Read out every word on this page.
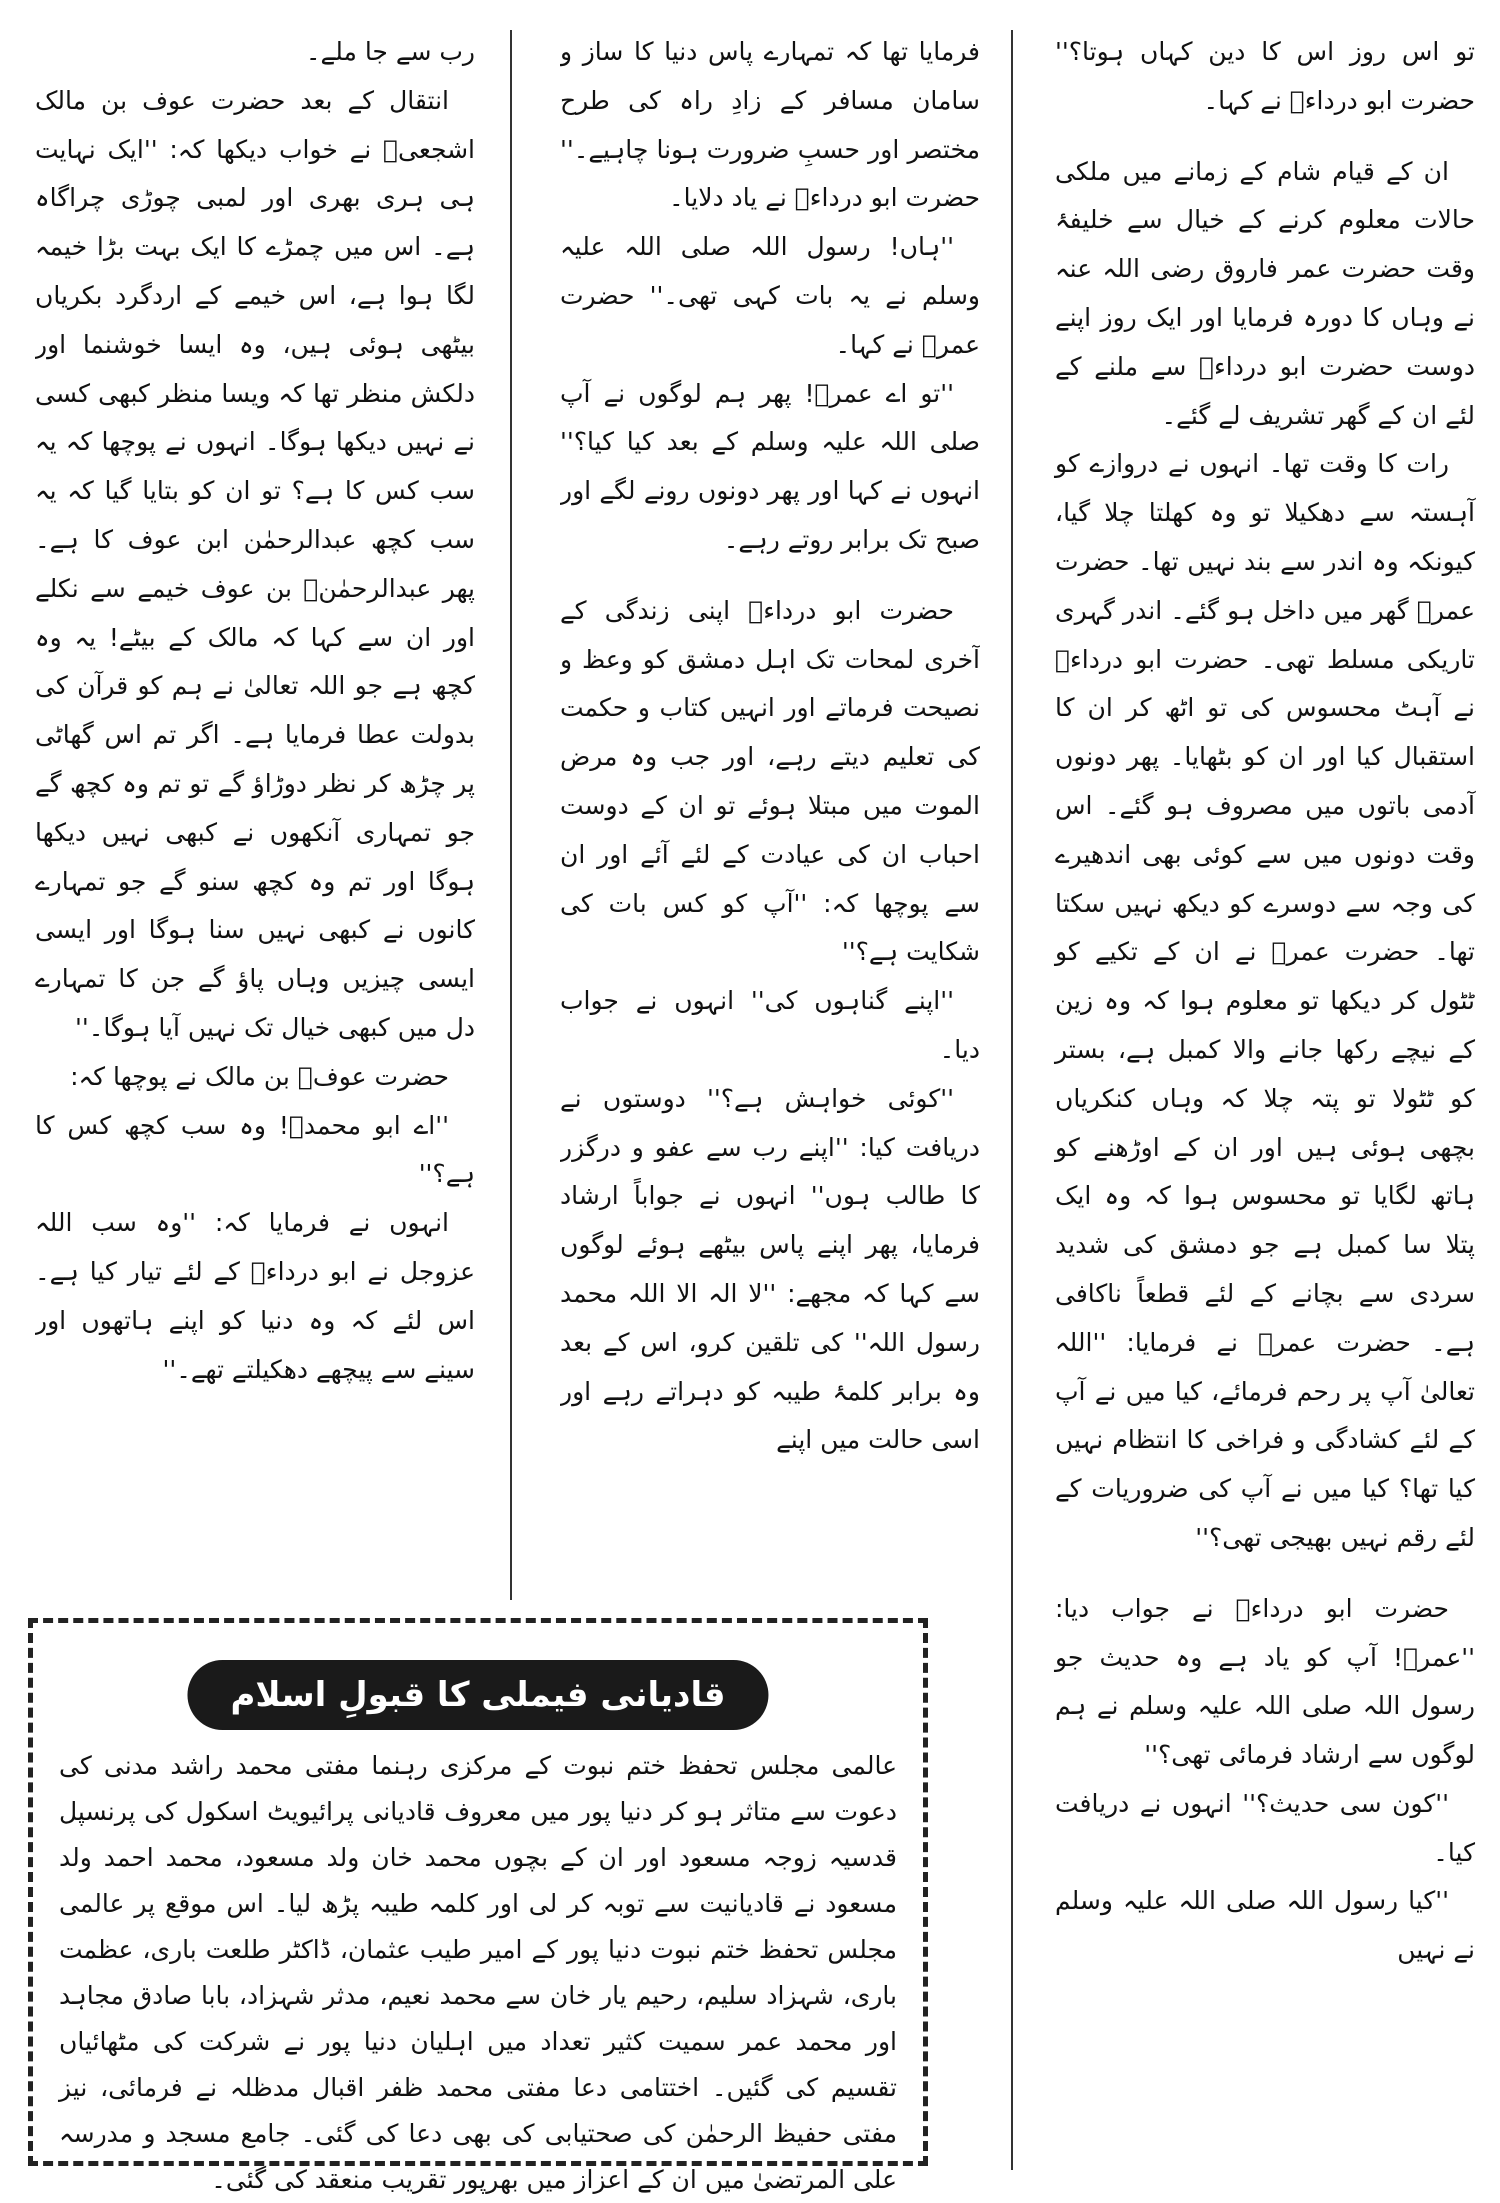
تو اس روز اس کا دین کہاں ہوتا؟'' حضرت ابو درداءؓ نے کہا۔

ان کے قیام شام کے زمانے میں ملکی حالات معلوم کرنے کے خیال سے خلیفۂ وقت حضرت عمر فاروق رضی اللہ عنہ نے وہاں کا دورہ فرمایا اور ایک روز اپنے دوست حضرت ابو درداءؓ سے ملنے کے لئے ان کے گھر تشریف لے گئے۔

رات کا وقت تھا۔ انہوں نے دروازے کو آہستہ سے دھکیلا تو وہ کھلتا چلا گیا، کیونکہ وہ اندر سے بند نہیں تھا۔ حضرت عمرؓ گھر میں داخل ہو گئے۔ اندر گہری تاریکی مسلط تھی۔ حضرت ابو درداءؓ نے آہٹ محسوس کی تو اٹھ کر ان کا استقبال کیا اور ان کو بٹھایا۔ پھر دونوں آدمی باتوں میں مصروف ہو گئے۔ اس وقت دونوں میں سے کوئی بھی اندھیرے کی وجہ سے دوسرے کو دیکھ نہیں سکتا تھا۔ حضرت عمرؓ نے ان کے تکیے کو ٹٹول کر دیکھا تو معلوم ہوا کہ وہ زین کے نیچے رکھا جانے والا کمبل ہے، بستر کو ٹٹولا تو پتہ چلا کہ وہاں کنکریاں بچھی ہوئی ہیں اور ان کے اوڑھنے کو ہاتھ لگایا تو محسوس ہوا کہ وہ ایک پتلا سا کمبل ہے جو دمشق کی شدید سردی سے بچانے کے لئے قطعاً ناکافی ہے۔ حضرت عمرؓ نے فرمایا: ''اللہ تعالیٰ آپ پر رحم فرمائے، کیا میں نے آپ کے لئے کشادگی و فراخی کا انتظام نہیں کیا تھا؟ کیا میں نے آپ کی ضروریات کے لئے رقم نہیں بھیجی تھی؟''

حضرت ابو درداءؓ نے جواب دیا: ''عمرؓ! آپ کو یاد ہے وہ حدیث جو رسول اللہ صلی اللہ علیہ وسلم نے ہم لوگوں سے ارشاد فرمائی تھی؟''

''کون سی حدیث؟'' انہوں نے دریافت کیا۔

''کیا رسول اللہ صلی اللہ علیہ وسلم نے نہیں

فرمایا تھا کہ تمہارے پاس دنیا کا ساز و سامان مسافر کے زادِ راہ کی طرح مختصر اور حسبِ ضرورت ہونا چاہیے۔'' حضرت ابو درداءؓ نے یاد دلایا۔

''ہاں! رسول اللہ صلی اللہ علیہ وسلم نے یہ بات کہی تھی۔'' حضرت عمرؓ نے کہا۔

''تو اے عمرؓ! پھر ہم لوگوں نے آپ صلی اللہ علیہ وسلم کے بعد کیا کیا؟'' انہوں نے کہا اور پھر دونوں رونے لگے اور صبح تک برابر روتے رہے۔

حضرت ابو درداءؓ اپنی زندگی کے آخری لمحات تک اہل دمشق کو وعظ و نصیحت فرماتے اور انہیں کتاب و حکمت کی تعلیم دیتے رہے، اور جب وہ مرض الموت میں مبتلا ہوئے تو ان کے دوست احباب ان کی عیادت کے لئے آئے اور ان سے پوچھا کہ: ''آپ کو کس بات کی شکایت ہے؟''

''اپنے گناہوں کی'' انہوں نے جواب دیا۔

''کوئی خواہش ہے؟'' دوستوں نے دریافت کیا: ''اپنے رب سے عفو و درگزر کا طالب ہوں'' انہوں نے جواباً ارشاد فرمایا، پھر اپنے پاس بیٹھے ہوئے لوگوں سے کہا کہ مجھے: ''لا الہ الا اللہ محمد رسول اللہ'' کی تلقین کرو، اس کے بعد وہ برابر کلمۂ طیبہ کو دہراتے رہے اور اسی حالت میں اپنے

رب سے جا ملے۔

انتقال کے بعد حضرت عوف بن مالک اشجعیؓ نے خواب دیکھا کہ: ''ایک نہایت ہی ہری بھری اور لمبی چوڑی چراگاہ ہے۔ اس میں چمڑے کا ایک بہت بڑا خیمہ لگا ہوا ہے، اس خیمے کے اردگرد بکریاں بیٹھی ہوئی ہیں، وہ ایسا خوشنما اور دلکش منظر تھا کہ ویسا منظر کبھی کسی نے نہیں دیکھا ہوگا۔ انہوں نے پوچھا کہ یہ سب کس کا ہے؟ تو ان کو بتایا گیا کہ یہ سب کچھ عبدالرحمٰن ابن عوف کا ہے۔ پھر عبدالرحمٰنؓ بن عوف خیمے سے نکلے اور ان سے کہا کہ مالک کے بیٹے! یہ وہ کچھ ہے جو اللہ تعالیٰ نے ہم کو قرآن کی بدولت عطا فرمایا ہے۔ اگر تم اس گھاٹی پر چڑھ کر نظر دوڑاؤ گے تو تم وہ کچھ گے جو تمہاری آنکھوں نے کبھی نہیں دیکھا ہوگا اور تم وہ کچھ سنو گے جو تمہارے کانوں نے کبھی نہیں سنا ہوگا اور ایسی ایسی چیزیں وہاں پاؤ گے جن کا تمہارے دل میں کبھی خیال تک نہیں آیا ہوگا۔''

حضرت عوفؓ بن مالک نے پوچھا کہ:

''اے ابو محمدؓ! وہ سب کچھ کس کا ہے؟''

انہوں نے فرمایا کہ: ''وہ سب اللہ عزوجل نے ابو درداءؓ کے لئے تیار کیا ہے۔ اس لئے کہ وہ دنیا کو اپنے ہاتھوں اور سینے سے پیچھے دھکیلتے تھے۔''

قادیانی فیملی کا قبولِ اسلام

عالمی مجلس تحفظ ختم نبوت کے مرکزی رہنما مفتی محمد راشد مدنی کی دعوت سے متاثر ہو کر دنیا پور میں معروف قادیانی پرائیویٹ اسکول کی پرنسپل قدسیہ زوجہ مسعود اور ان کے بچوں محمد خان ولد مسعود، محمد احمد ولد مسعود نے قادیانیت سے توبہ کر لی اور کلمہ طیبہ پڑھ لیا۔ اس موقع پر عالمی مجلس تحفظ ختم نبوت دنیا پور کے امیر طیب عثمان، ڈاکٹر طلعت باری، عظمت باری، شہزاد سلیم، رحیم یار خان سے محمد نعیم، مدثر شہزاد، بابا صادق مجاہد اور محمد عمر سمیت کثیر تعداد میں اہلیان دنیا پور نے شرکت کی مٹھائیاں تقسیم کی گئیں۔ اختتامی دعا مفتی محمد ظفر اقبال مدظلہ نے فرمائی، نیز مفتی حفیظ الرحمٰن کی صحتیابی کی بھی دعا کی گئی۔ جامع مسجد و مدرسہ علی المرتضیٰ میں ان کے اعزاز میں بھرپور تقریب منعقد کی گئی۔
